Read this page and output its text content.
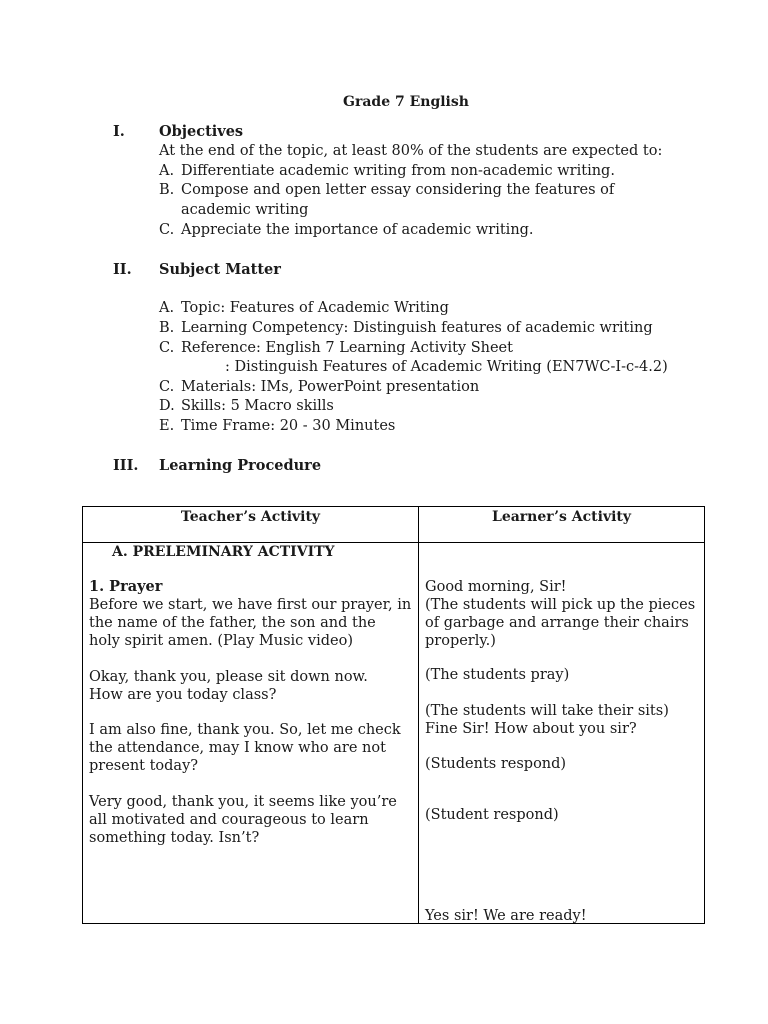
Grade 7 English
I. Objectives
At the end of the topic, at least 80% of the students are expected to:
A. Differentiate academic writing from non-academic writing.
B. Compose and open letter essay considering the features of
academic writing
C. Appreciate the importance of academic writing.
II. Subject Matter
A. Topic: Features of Academic Writing
B. Learning Competency: Distinguish features of academic writing
C. Reference: English 7 Learning Activity Sheet
: Distinguish Features of Academic Writing (EN7WC-I-c-4.2)
C. Materials: IMs, PowerPoint presentation
D. Skills: 5 Macro skills
E. Time Frame: 20 - 30 Minutes
III. Learning Procedure
Teacher’s Activity	Learner’s Activity
A. PRELEMINARY ACTIVITY
1. Prayer
Before we start, we have first our prayer, in
the name of the father, the son and the
holy spirit amen. (Play Music video)
Okay, thank you, please sit down now.
How are you today class?
I am also fine, thank you. So, let me check
the attendance, may I know who are not
present today?
Very good, thank you, it seems like you’re
all motivated and courageous to learn
something today. Isn’t?
Good morning, Sir!
(The students will pick up the pieces
of garbage and arrange their chairs
properly.)
(The students pray)
(The students will take their sits)
Fine Sir! How about you sir?
(Students respond)
(Student respond)
Yes sir! We are ready!
